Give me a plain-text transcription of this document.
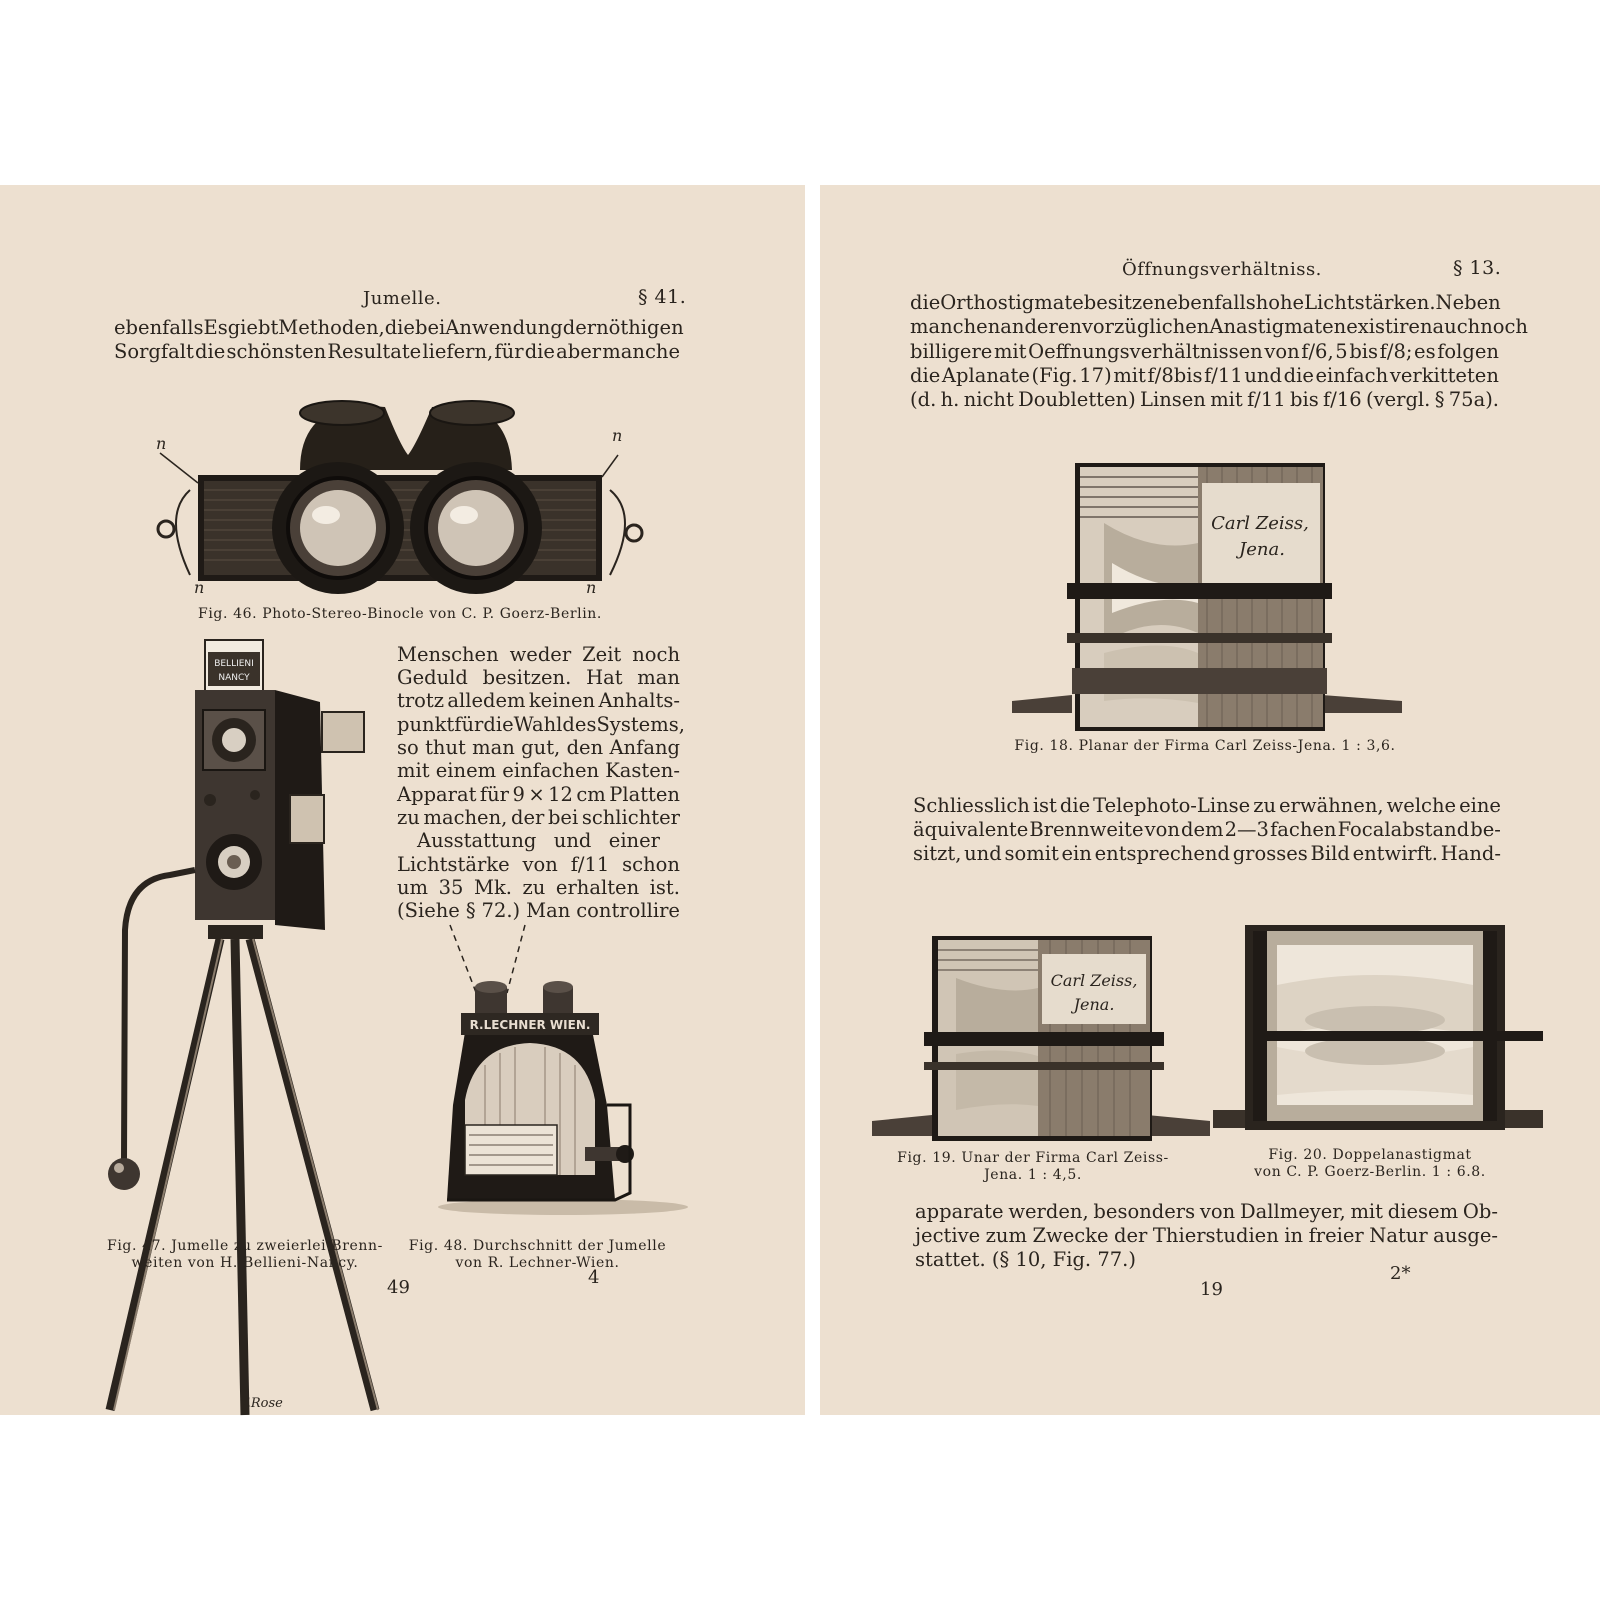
Jumelle.	§ 41.
ebenfalls Es giebt Methoden, die bei Anwendung der nöthigen
Sorgfalt die schönsten Resultate liefern, für die aber manche
n	n
n	n
Fig. 46. Photo-Stereo-Binocle von C. P. Goerz-Berlin.
BELLIENI
NANCY
T.Rose
Menschen weder Zeit noch
Geduld besitzen. Hat man
trotz alledem keinen Anhalts-
punkt für die Wahl des Systems,
so thut man gut, den Anfang
mit einem einfachen Kasten-
Apparat für 9 ⨯ 12 cm Platten
zu machen, der bei schlichter
Ausstattung und einer
Lichtstärke von f/11 schon
um 35 Mk. zu erhalten ist.
(Siehe § 72.) Man controllire
R.LECHNER WIEN.
Fig. 47. Jumelle zu zweierlei Brenn-
weiten von H. Bellieni-Nancy.
Fig. 48. Durchschnitt der Jumelle
von R. Lechner-Wien.
4
49
Öffnungsverhältniss.	§ 13.
die Orthostigmate besitzen ebenfalls hohe Lichtstärken. Neben
manchen anderen vorzüglichen Anastigmaten existiren auch noch
billigere mit Oeffnungsverhältnissen von f/6, 5 bis f/8; es folgen
die Aplanate (Fig. 17) mit f/8bis f/11 und die einfach verkitteten
(d. h. nicht Doubletten) Linsen mit f/11 bis f/16 (vergl. § 75a).
Carl Zeiss,
Jena.
Fig. 18. Planar der Firma Carl Zeiss-Jena. 1 : 3,6.
Schliesslich ist die Telephoto-Linse zu erwähnen, welche eine
äquivalente Brennweite von dem 2—3 fachen Focalabstand be-
sitzt, und somit ein entsprechend grosses Bild entwirft. Hand-
Carl Zeiss,
Jena.
Fig. 19. Unar der Firma Carl Zeiss-
Jena. 1 : 4,5.
Fig. 20. Doppelanastigmat
von C. P. Goerz-Berlin. 1 : 6.8.
apparate werden, besonders von Dallmeyer, mit diesem Ob-
jective zum Zwecke der Thierstudien in freier Natur ausge-
stattet. (§ 10, Fig. 77.)
2*
19
